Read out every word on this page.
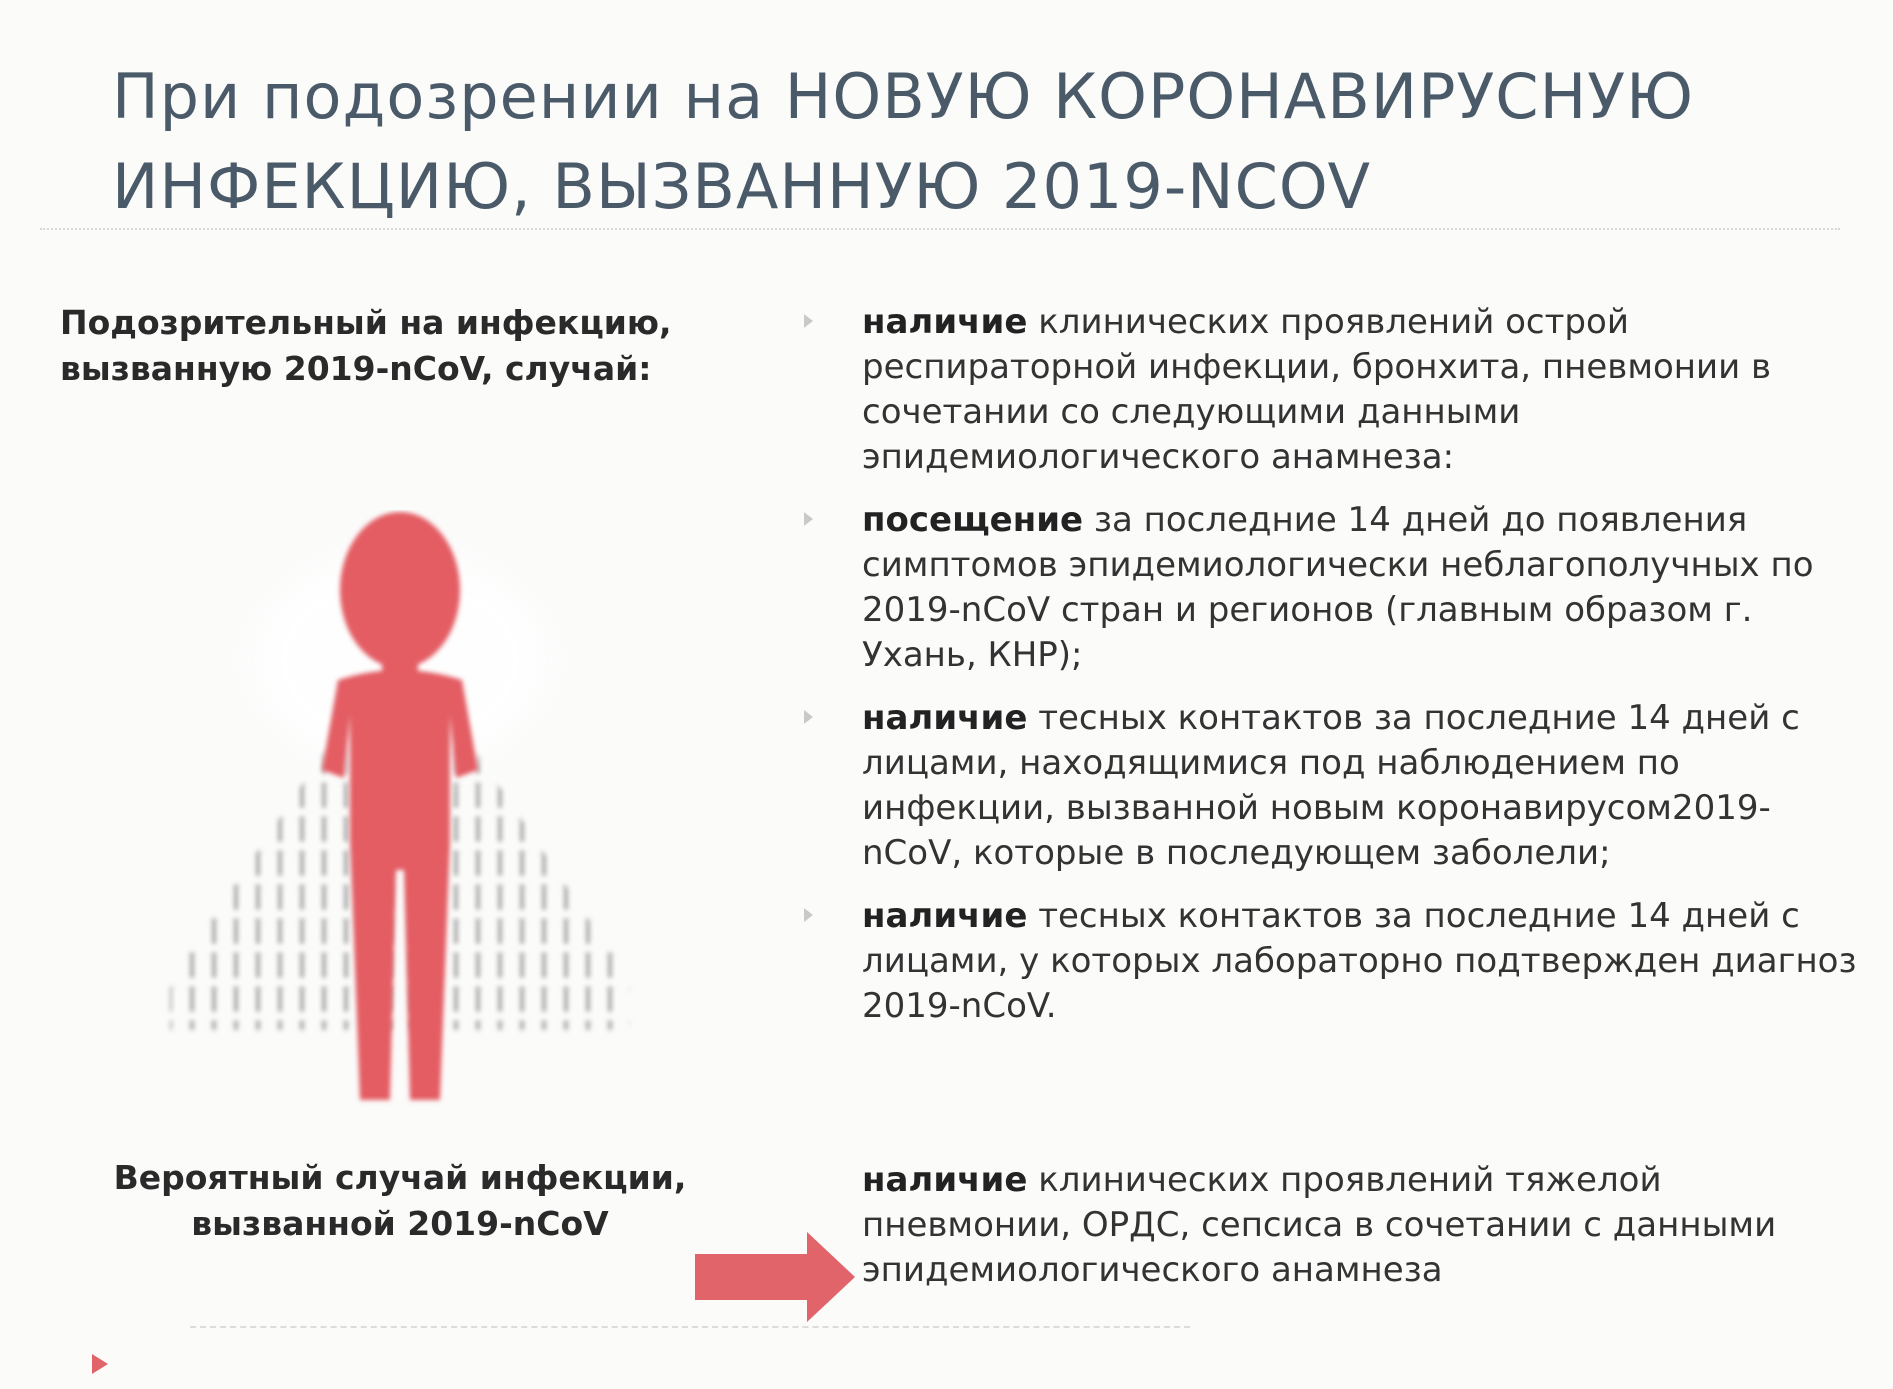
При подозрении на НОВУЮ КОРОНАВИРУСНУЮ
ИНФЕКЦИЮ, ВЫЗВАННУЮ 2019-NCOV
Подозрительный на инфекцию,
вызванную 2019-nCoV, случай:
наличие клинических проявлений острой респираторной инфекции, бронхита, пневмонии в сочетании со следующими данными эпидемиологического анамнеза:
посещение за последние 14 дней до появления симптомов эпидемиологически неблагополучных по 2019-nCoV стран и регионов (главным образом г. Ухань, КНР);
наличие тесных контактов за последние 14 дней с лицами, находящимися под наблюдением по инфекции, вызванной новым коронавирусом2019-nCoV, которые в последующем заболели;
наличие тесных контактов за последние 14 дней с лицами, у которых лабораторно подтвержден диагноз 2019-nCoV.
Вероятный случай инфекции,
вызванной 2019-nCoV

наличие клинических проявлений тяжелой пневмонии, ОРДС, сепсиса в сочетании с данными эпидемиологического анамнеза
